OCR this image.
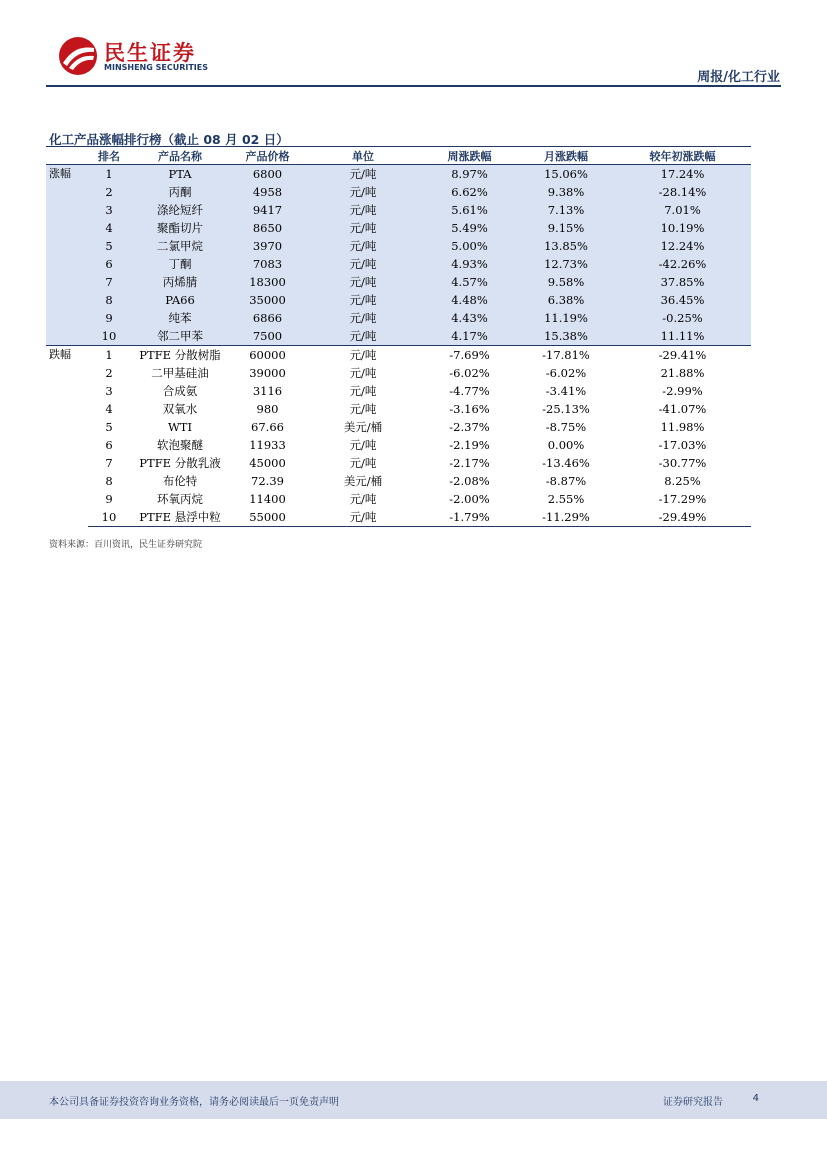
民生证券
MINSHENG SECURITIES
周报/化工行业
化工产品涨幅排行榜（截止 08 月 02 日）
	排名	产品名称	产品价格	单位	周涨跌幅	月涨跌幅	较年初涨跌幅
涨幅	1	PTA	6800	元/吨	8.97%	15.06%	17.24%
	2	丙酮	4958	元/吨	6.62%	9.38%	-28.14%
	3	涤纶短纤	9417	元/吨	5.61%	7.13%	7.01%
	4	聚酯切片	8650	元/吨	5.49%	9.15%	10.19%
	5	二氯甲烷	3970	元/吨	5.00%	13.85%	12.24%
	6	丁酮	7083	元/吨	4.93%	12.73%	-42.26%
	7	丙烯腈	18300	元/吨	4.57%	9.58%	37.85%
	8	PA66	35000	元/吨	4.48%	6.38%	36.45%
	9	纯苯	6866	元/吨	4.43%	11.19%	-0.25%
	10	邻二甲苯	7500	元/吨	4.17%	15.38%	11.11%
跌幅	1	PTFE 分散树脂	60000	元/吨	-7.69%	-17.81%	-29.41%
	2	二甲基硅油	39000	元/吨	-6.02%	-6.02%	21.88%
	3	合成氨	3116	元/吨	-4.77%	-3.41%	-2.99%
	4	双氧水	980	元/吨	-3.16%	-25.13%	-41.07%
	5	WTI	67.66	美元/桶	-2.37%	-8.75%	11.98%
	6	软泡聚醚	11933	元/吨	-2.19%	0.00%	-17.03%
	7	PTFE 分散乳液	45000	元/吨	-2.17%	-13.46%	-30.77%
	8	布伦特	72.39	美元/桶	-2.08%	-8.87%	8.25%
	9	环氧丙烷	11400	元/吨	-2.00%	2.55%	-17.29%
	10	PTFE 悬浮中粒	55000	元/吨	-1.79%	-11.29%	-29.49%
资料来源：百川资讯，民生证券研究院
本公司具备证券投资咨询业务资格，请务必阅读最后一页免责声明	证券研究报告	4
